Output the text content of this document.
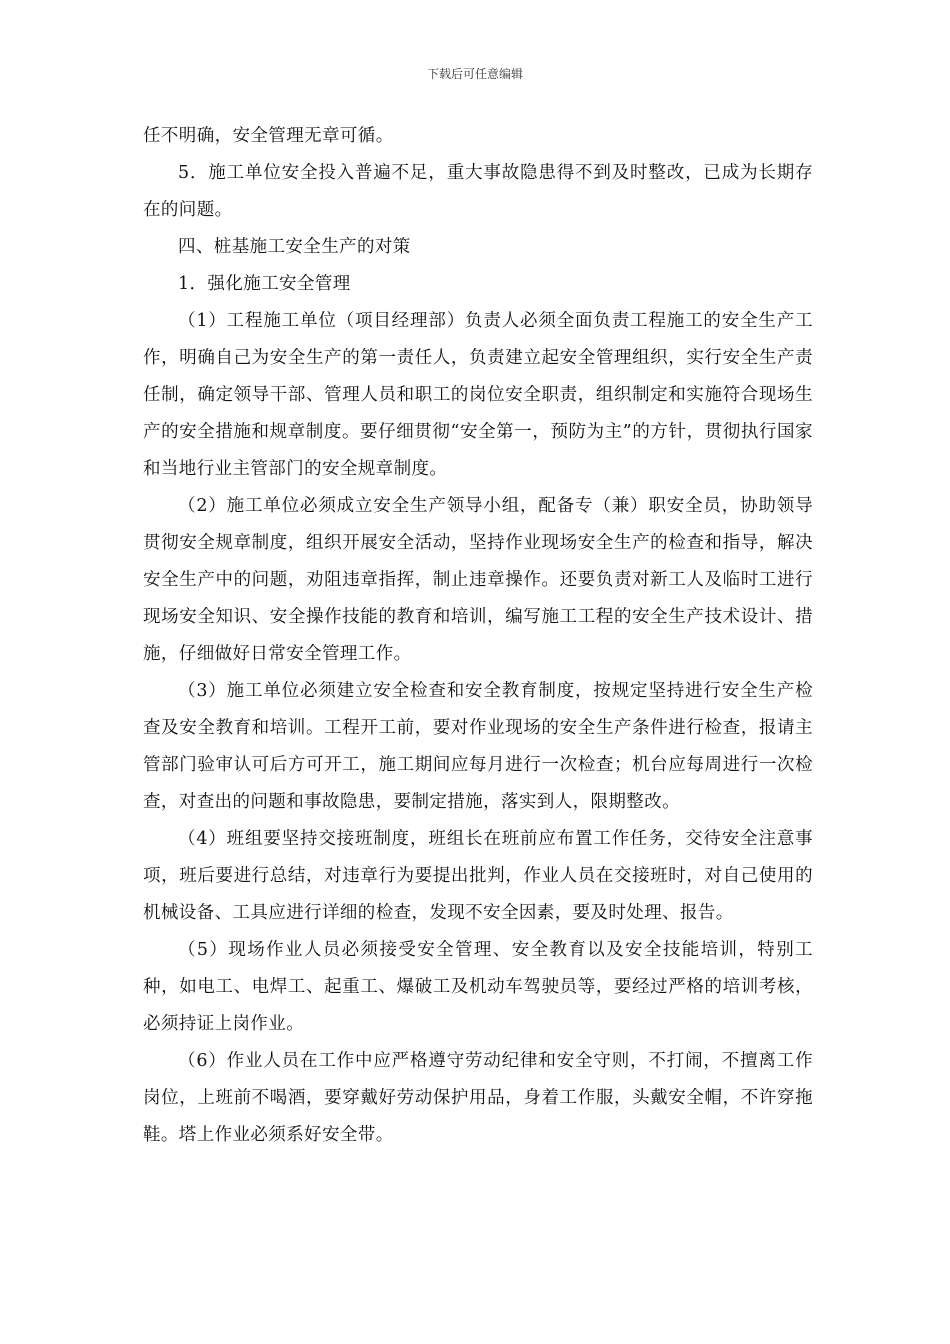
下载后可任意编辑

任不明确，安全管理无章可循。

5．施工单位安全投入普遍不足，重大事故隐患得不到及时整改，已成为长期存在的问题。

四、桩基施工安全生产的对策

1．强化施工安全管理

（1）工程施工单位（项目经理部）负责人必须全面负责工程施工的安全生产工作，明确自己为安全生产的第一责任人，负责建立起安全管理组织，实行安全生产责任制，确定领导干部、管理人员和职工的岗位安全职责，组织制定和实施符合现场生产的安全措施和规章制度。要仔细贯彻“安全第一，预防为主”的方针，贯彻执行国家和当地行业主管部门的安全规章制度。

（2）施工单位必须成立安全生产领导小组，配备专（兼）职安全员，协助领导贯彻安全规章制度，组织开展安全活动，坚持作业现场安全生产的检查和指导，解决安全生产中的问题，劝阻违章指挥，制止违章操作。还要负责对新工人及临时工进行现场安全知识、安全操作技能的教育和培训，编写施工工程的安全生产技术设计、措施，仔细做好日常安全管理工作。

（3）施工单位必须建立安全检查和安全教育制度，按规定坚持进行安全生产检查及安全教育和培训。工程开工前，要对作业现场的安全生产条件进行检查，报请主管部门验审认可后方可开工，施工期间应每月进行一次检查；机台应每周进行一次检查，对查出的问题和事故隐患，要制定措施，落实到人，限期整改。

（4）班组要坚持交接班制度，班组长在班前应布置工作任务，交待安全注意事项，班后要进行总结，对违章行为要提出批判，作业人员在交接班时，对自己使用的机械设备、工具应进行详细的检查，发现不安全因素，要及时处理、报告。

（5）现场作业人员必须接受安全管理、安全教育以及安全技能培训，特别工种，如电工、电焊工、起重工、爆破工及机动车驾驶员等，要经过严格的培训考核，必须持证上岗作业。

（6）作业人员在工作中应严格遵守劳动纪律和安全守则，不打闹，不擅离工作岗位，上班前不喝酒，要穿戴好劳动保护用品，身着工作服，头戴安全帽，不许穿拖鞋。塔上作业必须系好安全带。
